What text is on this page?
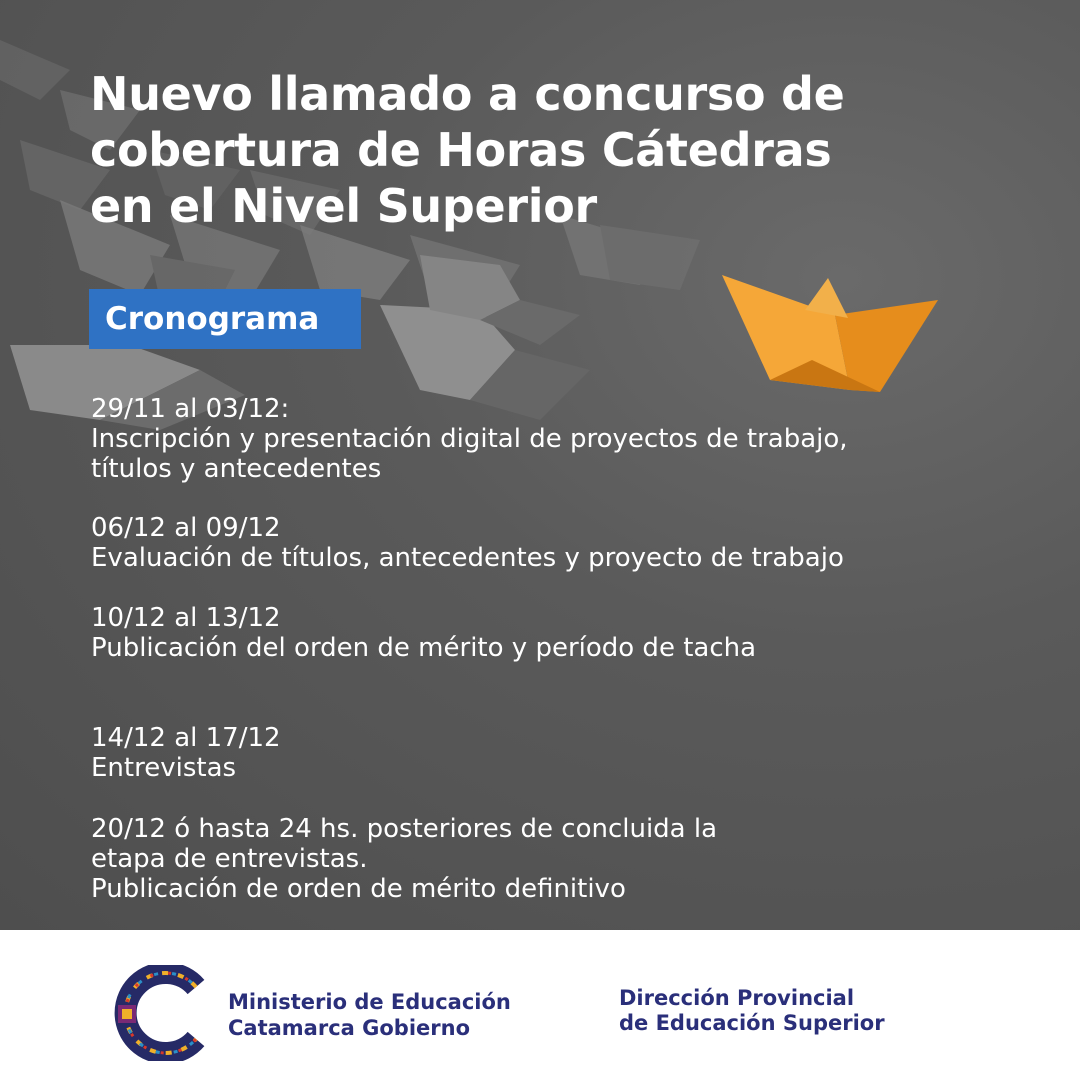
Nuevo llamado a concurso de
cobertura de Horas Cátedras
en el Nivel Superior
Cronograma
29/11 al 03/12:
Inscripción y presentación digital de proyectos de trabajo,
títulos y antecedentes
06/12 al 09/12
Evaluación de títulos, antecedentes y proyecto de trabajo
10/12 al 13/12
Publicación del orden de mérito y período de tacha
14/12 al 17/12
Entrevistas
20/12 ó hasta 24 hs. posteriores de concluida la
etapa de entrevistas.
Publicación de orden de mérito definitivo
Ministerio de Educación
Catamarca Gobierno
Dirección Provincial
de Educación Superior
